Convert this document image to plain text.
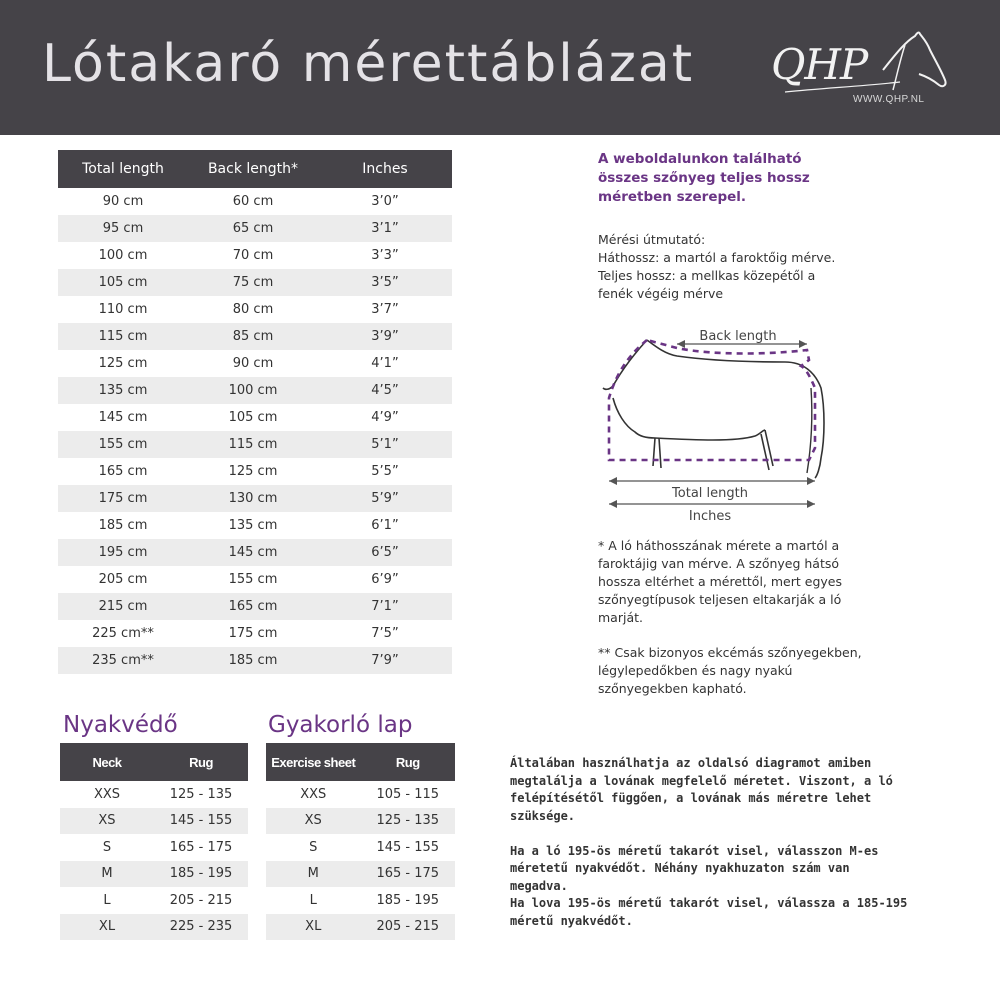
Lótakaró mérettáblázat QHP
WWW.QHP.NL
Total length	Back length*	Inches
90 cm	60 cm	3’0”
95 cm	65 cm	3’1”
100 cm	70 cm	3’3”
105 cm	75 cm	3’5”
110 cm	80 cm	3’7”
115 cm	85 cm	3’9”
125 cm	90 cm	4’1”
135 cm	100 cm	4’5”
145 cm	105 cm	4’9”
155 cm	115 cm	5’1”
165 cm	125 cm	5’5”
175 cm	130 cm	5’9”
185 cm	135 cm	6’1”
195 cm	145 cm	6’5”
205 cm	155 cm	6’9”
215 cm	165 cm	7’1”
225 cm**	175 cm	7’5”
235 cm**	185 cm	7’9”
Nyakvédő	Gyakorló lap
Neck	Rug
XXS	125 - 135
XS	145 - 155
S	165 - 175
M	185 - 195
L	205 - 215
XL	225 - 235
Exercise sheet	Rug
XXS	105 - 115
XS	125 - 135
S	145 - 155
M	165 - 175
L	185 - 195
XL	205 - 215
A weboldalunkon található
összes szőnyeg teljes hossz
méretben szerepel.
Mérési útmutató:
Háthossz: a martól a faroktőig mérve.
Teljes hossz: a mellkas közepétől a
fenék végéig mérve
Back length
Total length
Inches
* A ló háthosszának mérete a martól a
faroktájig van mérve. A szőnyeg hátsó
hossza eltérhet a mérettől, mert egyes
szőnyegtípusok teljesen eltakarják a ló
marját.
** Csak bizonyos ekcémás szőnyegekben,
légylepedőkben és nagy nyakú
szőnyegekben kapható.
Általában használhatja az oldalsó diagramot amiben
megtalálja a lovának megfelelő méretet. Viszont, a ló
felépítésétől függően, a lovának más méretre lehet
szüksége.

Ha a ló 195-ös méretű takarót visel, válasszon M-es
méretetű nyakvédőt. Néhány nyakhuzaton szám van
megadva.
Ha lova 195-ös méretű takarót visel, válassza a 185-195
méretű nyakvédőt.
